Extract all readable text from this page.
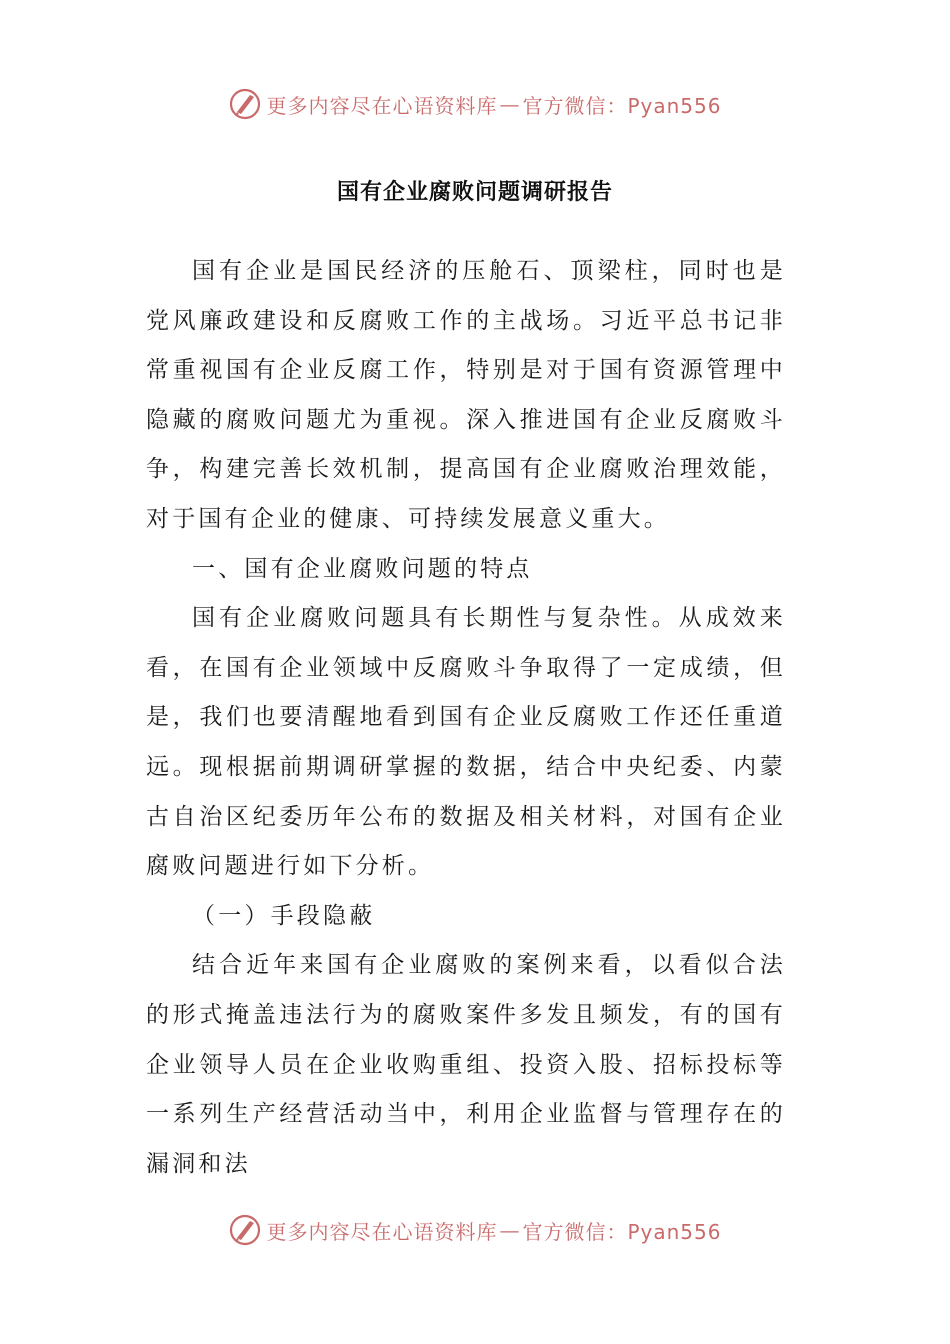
更多内容尽在心语资料库 — 官方微信：Pyan556
国有企业腐败问题调研报告

国有企业是国民经济的压舱石、顶梁柱，同时也是党风廉政建设和反腐败工作的主战场。习近平总书记非常重视国有企业反腐工作，特别是对于国有资源管理中隐藏的腐败问题尤为重视。深入推进国有企业反腐败斗争，构建完善长效机制，提高国有企业腐败治理效能，对于国有企业的健康、可持续发展意义重大。

一、国有企业腐败问题的特点

国有企业腐败问题具有长期性与复杂性。从成效来看，在国有企业领域中反腐败斗争取得了一定成绩，但是，我们也要清醒地看到国有企业反腐败工作还任重道远。现根据前期调研掌握的数据，结合中央纪委、内蒙古自治区纪委历年公布的数据及相关材料，对国有企业腐败问题进行如下分析。

（一）手段隐蔽

结合近年来国有企业腐败的案例来看，以看似合法的形式掩盖违法行为的腐败案件多发且频发，有的国有企业领导人员在企业收购重组、投资入股、招标投标等一系列生产经营活动当中，利用企业监督与管理存在的漏洞和法

更多内容尽在心语资料库 — 官方微信：Pyan556
